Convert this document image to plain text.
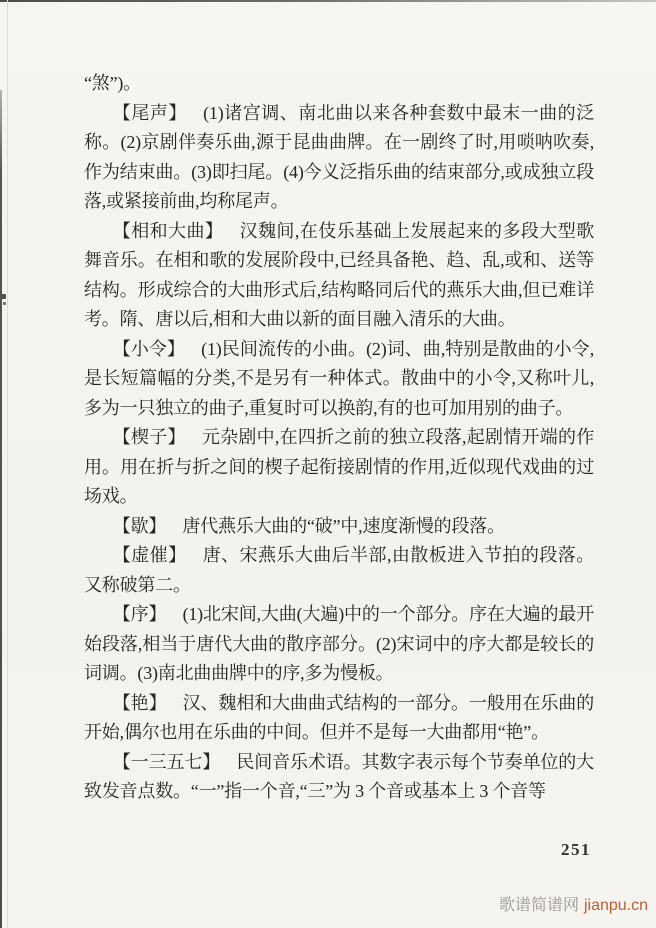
“煞”)。

【尾声】 (1)诸宫调、南北曲以来各种套数中最末一曲的泛称。(2)京剧伴奏乐曲,源于昆曲曲牌。在一剧终了时,用唢呐吹奏,作为结束曲。(3)即扫尾。(4)今义泛指乐曲的结束部分,或成独立段落,或紧接前曲,均称尾声。

【相和大曲】 汉魏间,在伎乐基础上发展起来的多段大型歌舞音乐。在相和歌的发展阶段中,已经具备艳、趋、乱,或和、送等结构。形成综合的大曲形式后,结构略同后代的燕乐大曲,但已难详考。隋、唐以后,相和大曲以新的面目融入清乐的大曲。

【小令】 (1)民间流传的小曲。(2)词、曲,特别是散曲的小令,是长短篇幅的分类,不是另有一种体式。散曲中的小令,又称叶儿,多为一只独立的曲子,重复时可以换韵,有的也可加用别的曲子。

【楔子】 元杂剧中,在四折之前的独立段落,起剧情开端的作用。用在折与折之间的楔子起衔接剧情的作用,近似现代戏曲的过场戏。

【歇】 唐代燕乐大曲的“破”中,速度渐慢的段落。

【虚催】 唐、宋燕乐大曲后半部,由散板进入节拍的段落。又称破第二。

【序】 (1)北宋间,大曲(大遍)中的一个部分。序在大遍的最开始段落,相当于唐代大曲的散序部分。(2)宋词中的序大都是较长的词调。(3)南北曲曲牌中的序,多为慢板。

【艳】 汉、魏相和大曲曲式结构的一部分。一般用在乐曲的开始,偶尔也用在乐曲的中间。但并不是每一大曲都用“艳”。

【一三五七】 民间音乐术语。其数字表示每个节奏单位的大致发音点数。“一”指一个音,“三”为 3 个音或基本上 3 个音等

251
歌谱简谱网 jianpu.cn
